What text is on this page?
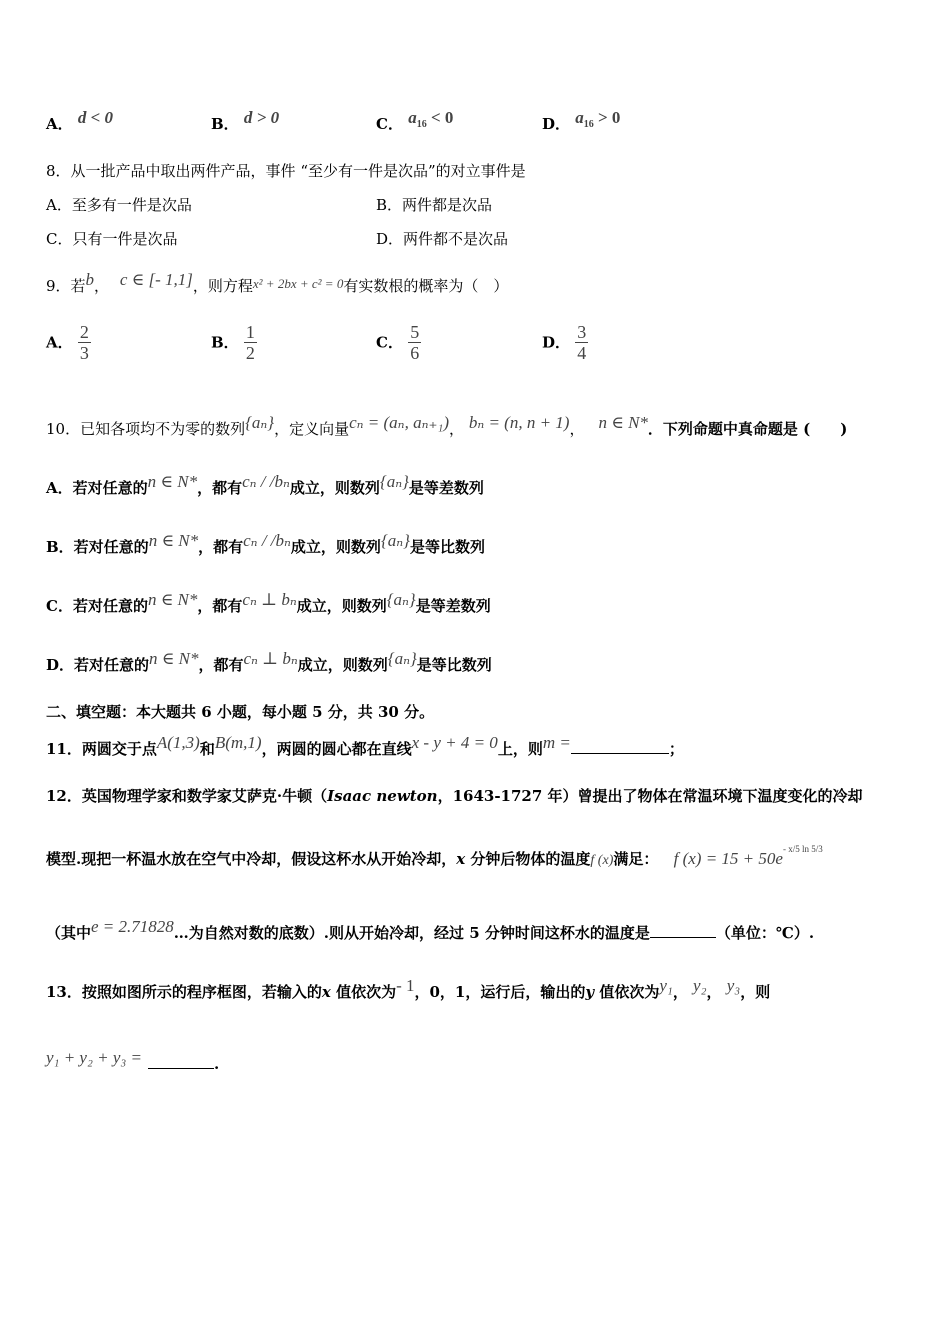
A． d < 0	B． d > 0	C． $a_{16} < 0$	D． $a_{16} > 0$
8．从一批产品中取出两件产品，事件 “至少有一件是次品”的对立事件是
A．至多有一件是次品	B．两件都是次品
C．只有一件是次品	D．两件都不是次品
9．若b， c ∈ [- 1,1]，则方程x² + 2bx + c² = 0有实数根的概率为（　）
A． $\frac{2}{3}$	B． $\frac{1}{2}$	C． $\frac{5}{6}$	D． $\frac{3}{4}$
10．已知各项均不为零的数列{aₙ}，定义向量cₙ = (aₙ, aₙ₊₁)， bₙ = (n, n + 1)， n ∈ N*．下列命题中真命题是 (　　)
A．若对任意的n ∈ N*，都有cₙ / /bₙ成立，则数列{aₙ}是等差数列
B．若对任意的n ∈ N*，都有cₙ / /bₙ成立，则数列{aₙ}是等比数列
C．若对任意的n ∈ N*，都有cₙ ⊥ bₙ成立，则数列{aₙ}是等差数列
D．若对任意的n ∈ N*，都有cₙ ⊥ bₙ成立，则数列{aₙ}是等比数列
二、填空题：本大题共 6 小题，每小题 5 分，共 30 分。
11．两圆交于点A(1,3)和B(m,1)，两圆的圆心都在直线x - y + 4 = 0上，则m =	；
12．英国物理学家和数学家艾萨克·牛顿（Isaac newton，1643-1727 年）曾提出了物体在常温环境下温度变化的冷却
模型.现把一杯温水放在空气中冷却，假设这杯水从开始冷却，x 分钟后物体的温度f (x)满足： f $(x) = 15 + 50e^{- x/5 ln 5/3}$
（其中e = 2.71828…为自然对数的底数）.则从开始冷却，经过 5 分钟时间这杯水的温度是	（单位：℃）.
13．按照如图所示的程序框图，若输入的x 值依次为- 1，0，1，运行后，输出的y 值依次为y₁， y₂， y₃，则
y₁ + y₂ + y₃ =	.
